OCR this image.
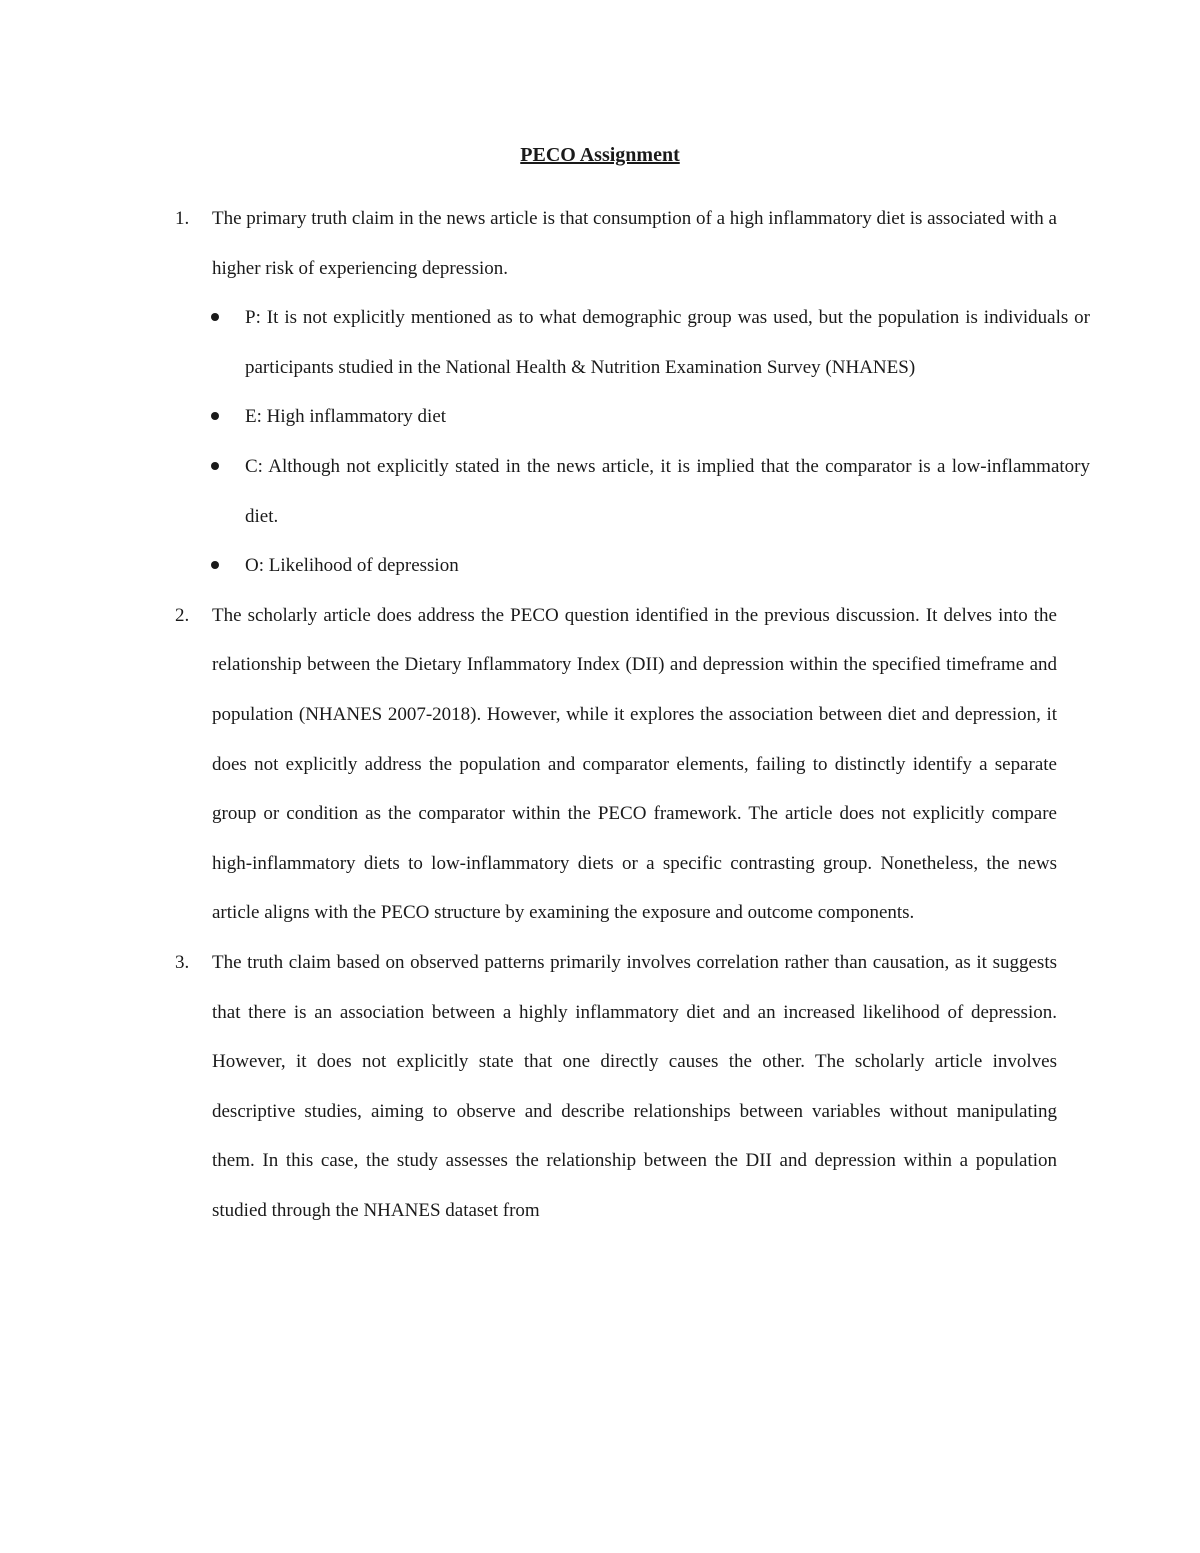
PECO Assignment
1. The primary truth claim in the news article is that consumption of a high inflammatory diet is associated with a higher risk of experiencing depression.

P: It is not explicitly mentioned as to what demographic group was used, but the population is individuals or participants studied in the National Health & Nutrition Examination Survey (NHANES)
E: High inflammatory diet
C: Although not explicitly stated in the news article, it is implied that the comparator is a low-inflammatory diet.
O: Likelihood of depression
2. The scholarly article does address the PECO question identified in the previous discussion. It delves into the relationship between the Dietary Inflammatory Index (DII) and depression within the specified timeframe and population (NHANES 2007-2018). However, while it explores the association between diet and depression, it does not explicitly address the population and comparator elements, failing to distinctly identify a separate group or condition as the comparator within the PECO framework. The article does not explicitly compare high-inflammatory diets to low-inflammatory diets or a specific contrasting group. Nonetheless, the news article aligns with the PECO structure by examining the exposure and outcome components.

3. The truth claim based on observed patterns primarily involves correlation rather than causation, as it suggests that there is an association between a highly inflammatory diet and an increased likelihood of depression. However, it does not explicitly state that one directly causes the other. The scholarly article involves descriptive studies, aiming to observe and describe relationships between variables without manipulating them. In this case, the study assesses the relationship between the DII and depression within a population studied through the NHANES dataset from
